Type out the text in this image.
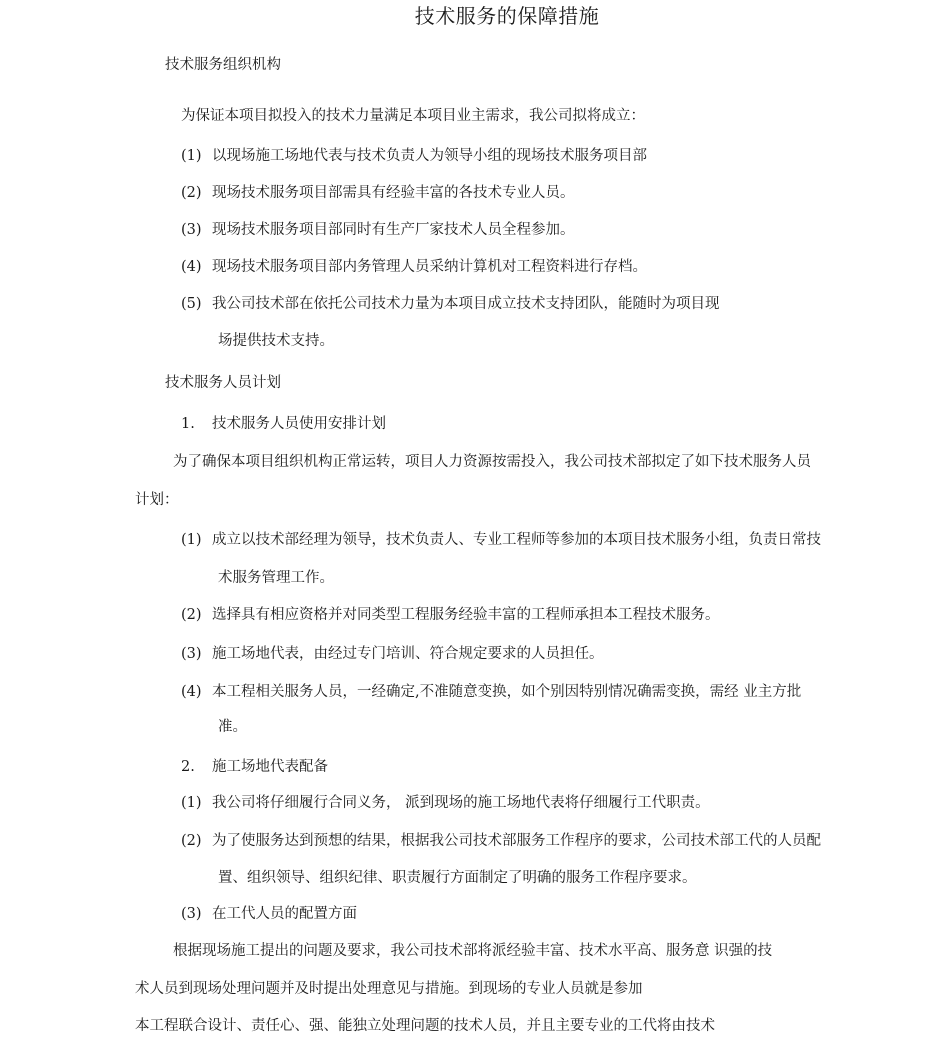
技术服务的保障措施
技术服务组织机构
为保证本项目拟投入的技术力量满足本项目业主需求，我公司拟将成立：
(1) 以现场施工场地代表与技术负责人为领导小组的现场技术服务项目部
(2) 现场技术服务项目部需具有经验丰富的各技术专业人员。
(3) 现场技术服务项目部同时有生产厂家技术人员全程参加。
(4) 现场技术服务项目部内务管理人员采纳计算机对工程资料进行存档。
(5) 我公司技术部在依托公司技术力量为本项目成立技术支持团队，能随时为项目现
场提供技术支持。
技术服务人员计划
1. 技术服务人员使用安排计划
为了确保本项目组织机构正常运转，项目人力资源按需投入，我公司技术部拟定了如下技术服务人员
计划：
(1) 成立以技术部经理为领导，技术负责人、专业工程师等参加的本项目技术服务小组，负责日常技
术服务管理工作。
(2) 选择具有相应资格并对同类型工程服务经验丰富的工程师承担本工程技术服务。
(3) 施工场地代表，由经过专门培训、符合规定要求的人员担任。
(4) 本工程相关服务人员，一经确定,不准随意变换，如个别因特别情况确需变换，需经 业主方批
准。
2. 施工场地代表配备
(1) 我公司将仔细履行合同义务， 派到现场的施工场地代表将仔细履行工代职责。
(2) 为了使服务达到预想的结果，根据我公司技术部服务工作程序的要求，公司技术部工代的人员配
置、组织领导、组织纪律、职责履行方面制定了明确的服务工作程序要求。
(3) 在工代人员的配置方面
根据现场施工提出的问题及要求，我公司技术部将派经验丰富、技术水平高、服务意 识强的技
术人员到现场处理问题并及时提出处理意见与措施。到现场的专业人员就是参加
本工程联合设计、责任心、强、能独立处理问题的技术人员，并且主要专业的工代将由技术
